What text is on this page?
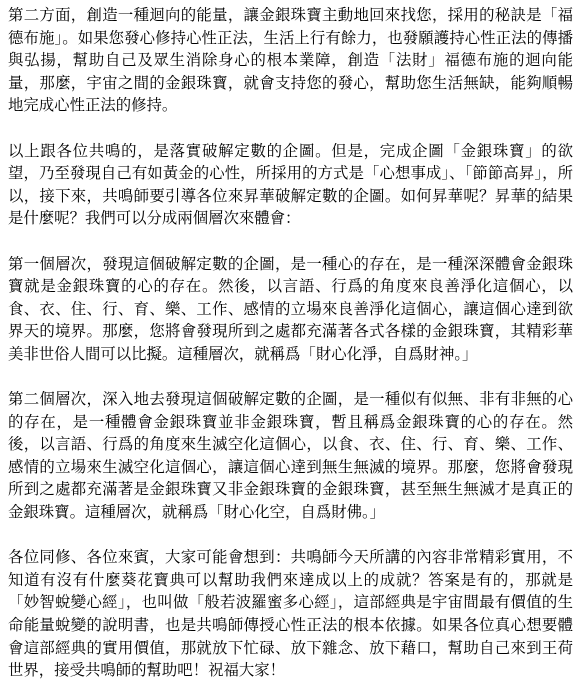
第二方面，創造一種迴向的能量，讓金銀珠寶主動地回來找您，採用的秘訣是「福德布施」。如果您發心修持心性正法，生活上行有餘力，也發願護持心性正法的傳播與弘揚，幫助自己及眾生消除身心的根本業障，創造「法財」福德布施的迴向能量，那麼，宇宙之間的金銀珠寶，就會支持您的發心，幫助您生活無缺，能夠順暢地完成心性正法的修持。

以上跟各位共鳴的，是落實破解定數的企圖。但是，完成企圖「金銀珠寶」的欲望，乃至發現自己有如黃金的心性，所採用的方式是「心想事成」、「節節高昇」，所以，接下來，共鳴師要引導各位來昇華破解定數的企圖。如何昇華呢？昇華的結果是什麼呢？我們可以分成兩個層次來體會：

第一個層次，發現這個破解定數的企圖，是一種心的存在，是一種深深體會金銀珠寶就是金銀珠寶的心的存在。然後，以言語、行爲的角度來良善淨化這個心，以食、衣、住、行、育、樂、工作、感情的立場來良善淨化這個心，讓這個心達到欲界天的境界。那麼，您將會發現所到之處都充滿著各式各樣的金銀珠寶，其精彩華美非世俗人間可以比擬。這種層次，就稱爲「財心化淨，自爲財神。」

第二個層次，深入地去發現這個破解定數的企圖，是一種似有似無、非有非無的心的存在，是一種體會金銀珠寶並非金銀珠寶，暫且稱爲金銀珠寶的心的存在。然後，以言語、行爲的角度來生滅空化這個心，以食、衣、住、行、育、樂、工作、感情的立場來生滅空化這個心，讓這個心達到無生無滅的境界。那麼，您將會發現所到之處都充滿著是金銀珠寶又非金銀珠寶的金銀珠寶，甚至無生無滅才是真正的金銀珠寶。這種層次，就稱爲「財心化空，自爲財佛。」

各位同修、各位來賓，大家可能會想到：共鳴師今天所講的內容非常精彩實用，不知道有沒有什麼葵花寶典可以幫助我們來達成以上的成就？答案是有的，那就是「妙智蛻變心經」，也叫做「般若波羅蜜多心經」，這部經典是宇宙間最有價值的生命能量蛻變的說明書，也是共鳴師傳授心性正法的根本依據。如果各位真心想要體會這部經典的實用價值，那就放下忙碌、放下雜念、放下藉口，幫助自己來到王荷世界，接受共鳴師的幫助吧！祝福大家！
